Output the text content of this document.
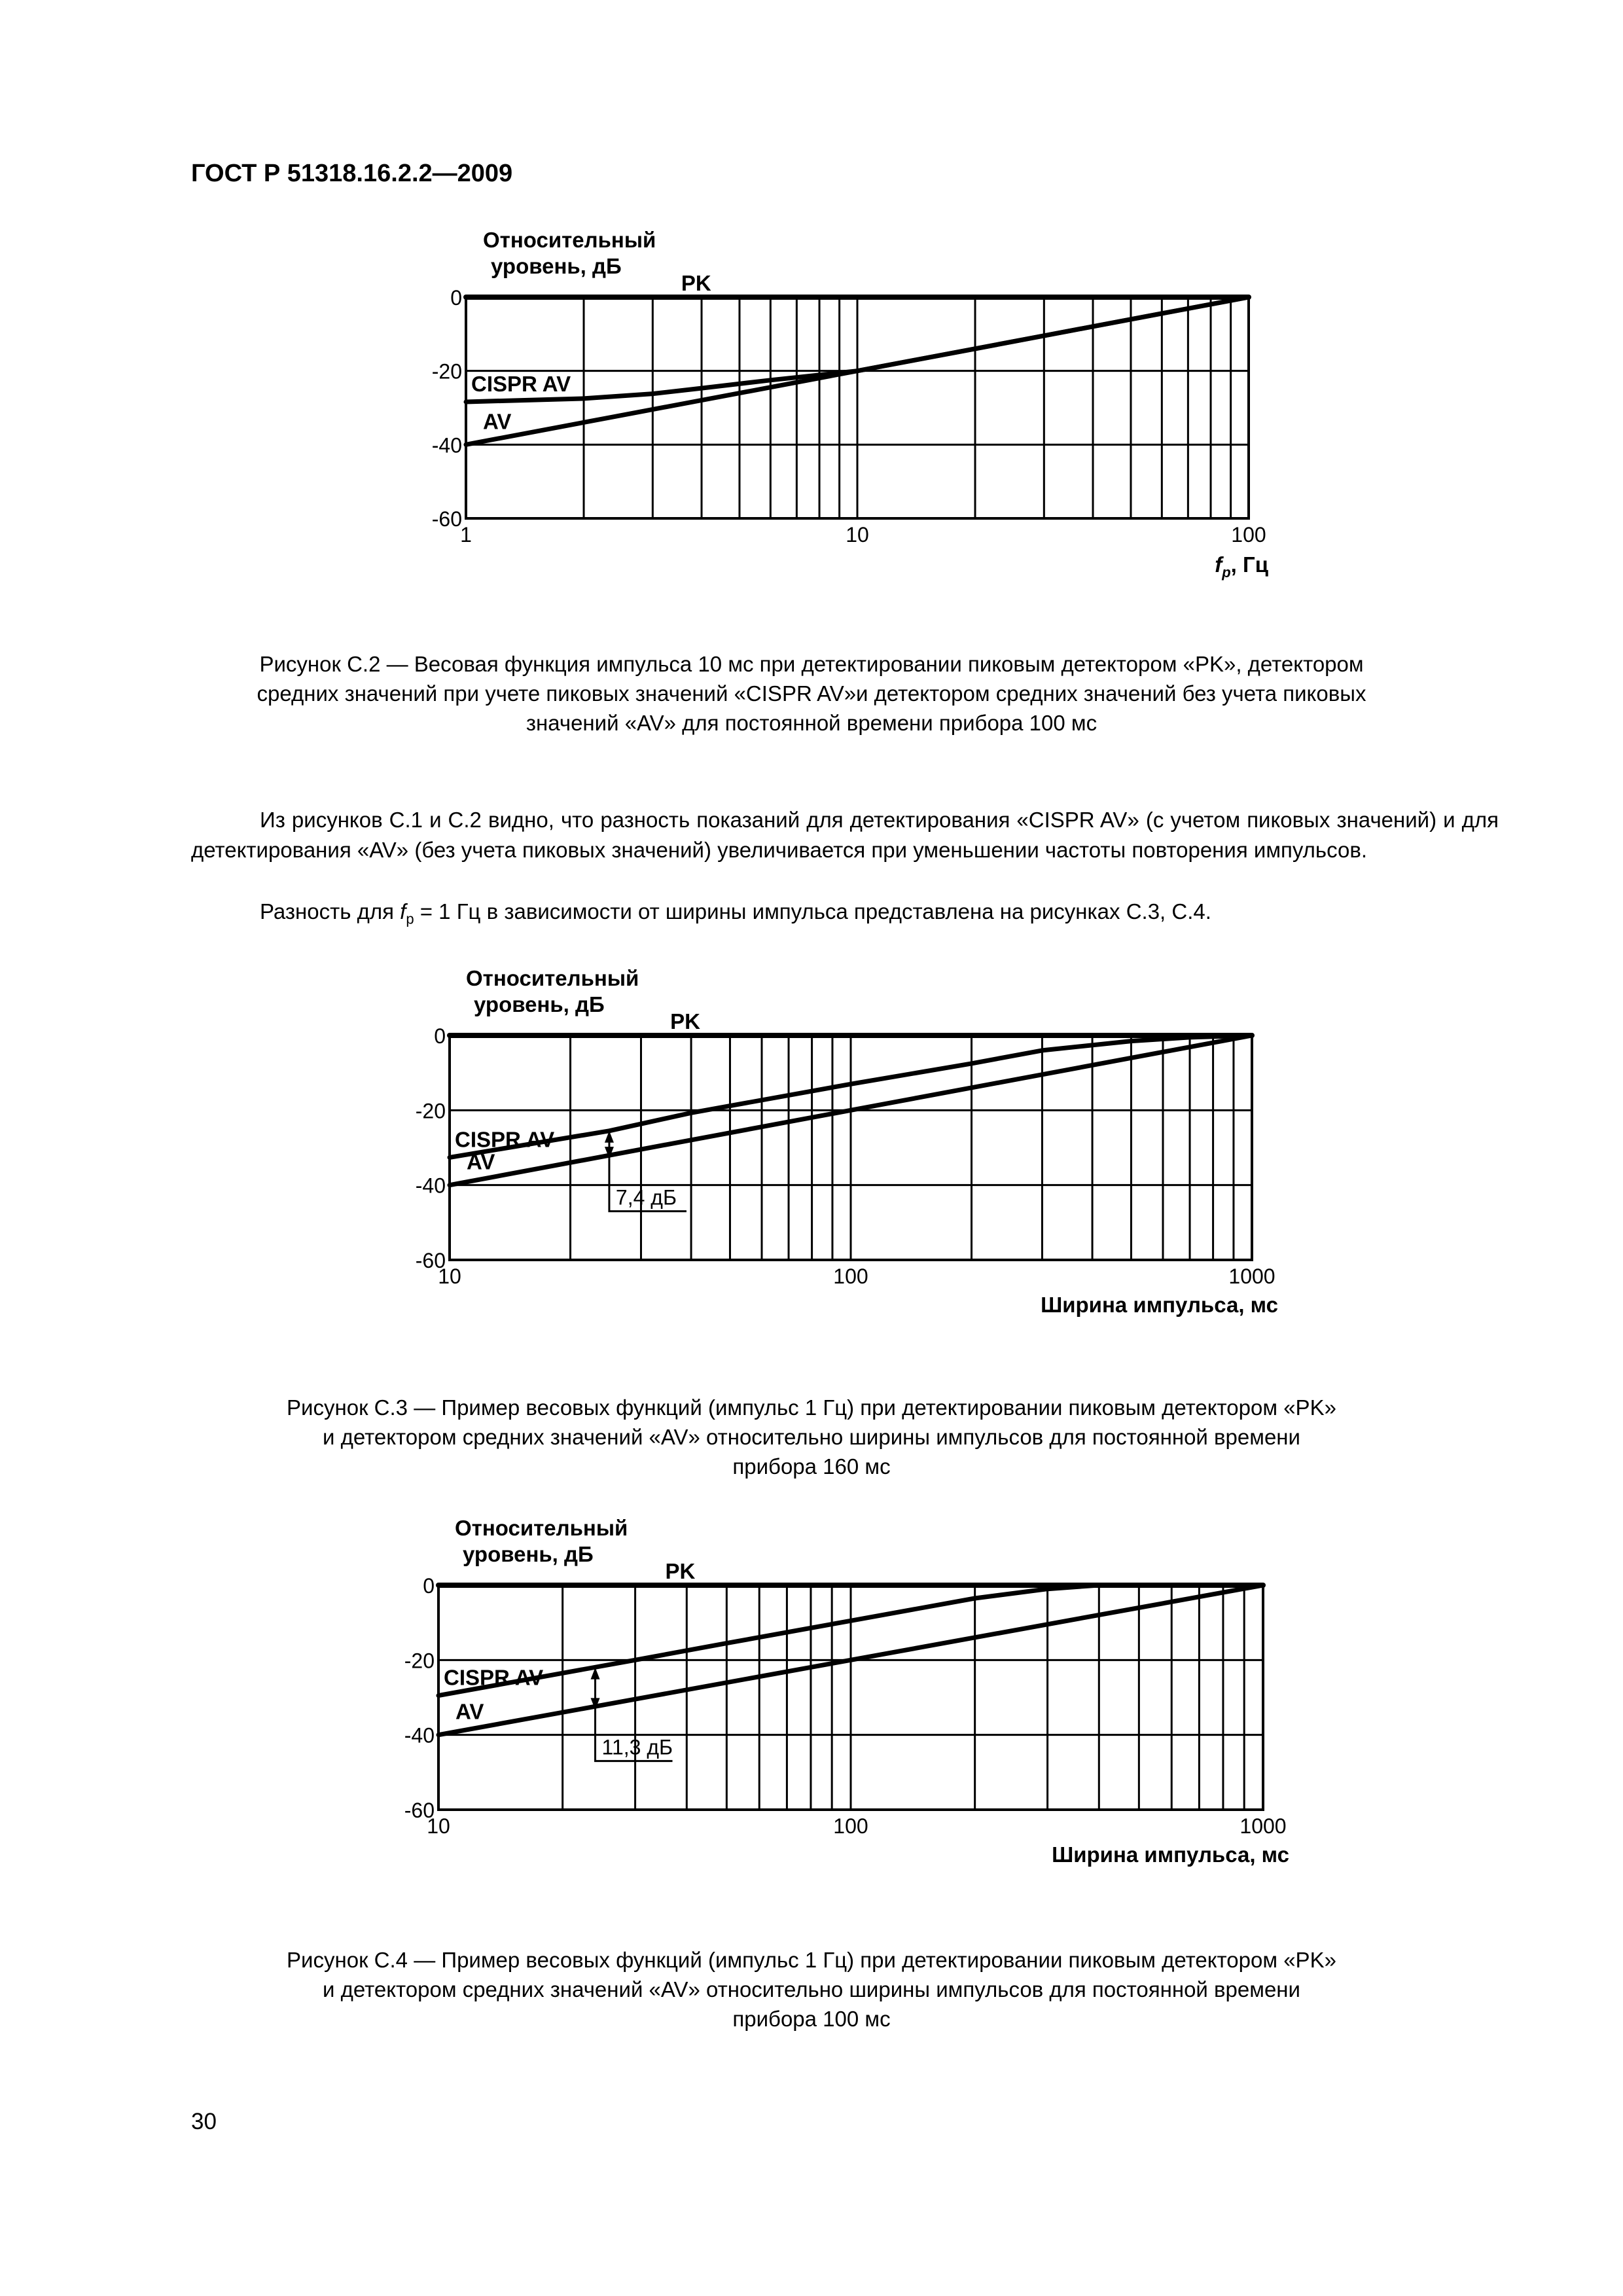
ГОСТ Р 51318.16.2.2—2009
0
-20
-40
-60
1	10	100
Относительный
уровень, дБ
$f_p$, Гц
PK
CISPR AV
AV
Рисунок С.2 — Весовая функция импульса 10 мс при детектировании пиковым детектором «PK», детектором
средних значений при учете пиковых значений «CISPR AV»и детектором средних значений без учета пиковых
значений «AV» для постоянной времени прибора 100 мс

Из рисунков С.1 и С.2 видно, что разность показаний для детектирования «CISPR AV» (с учетом пиковых значений) и для детектирования «AV» (без учета пиковых значений) увеличивается при уменьшении частоты повторения импульсов.

Разность для $f_p = 1$ Гц в зависимости от ширины импульса представлена на рисунках С.3, С.4.

0
-20
-40
-60
10	100	1000
Относительный
уровень, дБ
Ширина импульса, мс
PK
CISPR AV
AV
7,4 дБ
Рисунок С.3 — Пример весовых функций (импульс 1 Гц) при детектировании пиковым детектором «PK»
и детектором средних значений «AV» относительно ширины импульсов для постоянной времени
прибора 160 мс
0
-20
-40
-60
10	100	1000
Относительный
уровень, дБ
Ширина импульса, мс
PK
CISPR AV
AV
11,3 дБ
Рисунок С.4 — Пример весовых функций (импульс 1 Гц) при детектировании пиковым детектором «PK»
и детектором средних значений «AV» относительно ширины импульсов для постоянной времени
прибора 100 мс
30
